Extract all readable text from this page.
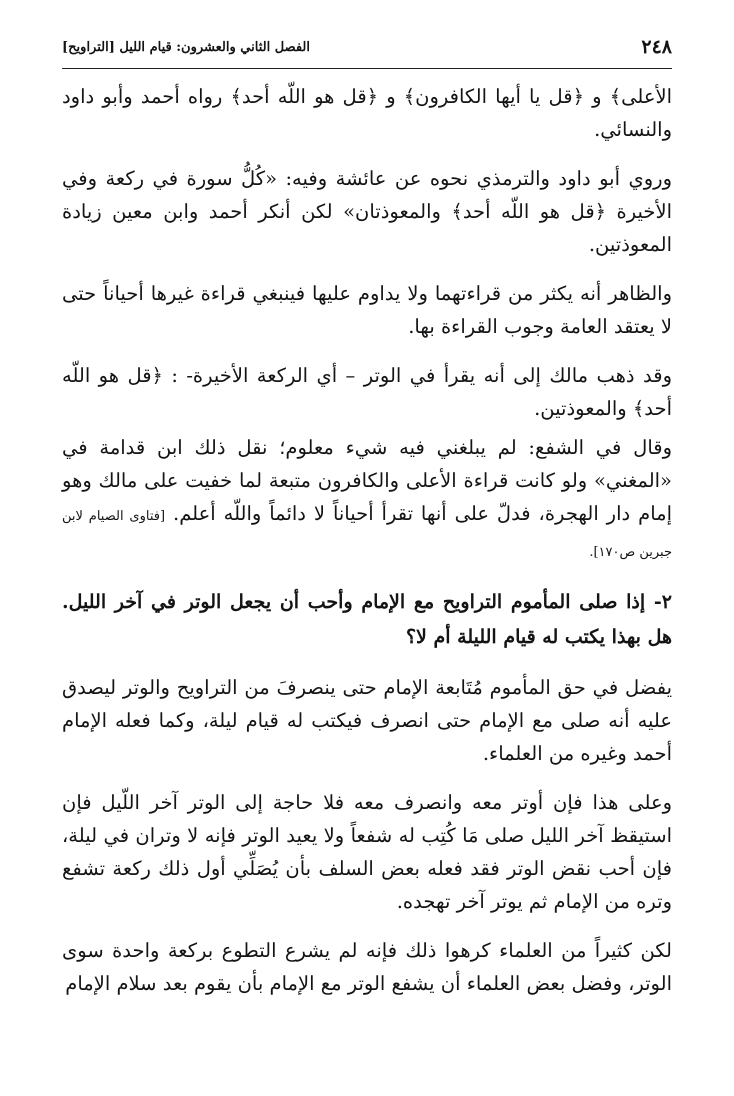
٢٤٨
الفصل الثاني والعشرون: قيام الليل [التراويح]

الأعلى﴾ و ﴿قل يا أيها الكافرون﴾ و ﴿قل هو اللّه أحد﴾ رواه أحمد وأبو داود والنسائي.

وروي أبو داود والترمذي نحوه عن عائشة وفيه: «كُلُّ سورة في ركعة وفي الأخيرة ﴿قل هو اللّه أحد﴾ والمعوذتان» لكن أنكر أحمد وابن معين زيادة المعوذتين.

والظاهر أنه يكثر من قراءتهما ولا يداوم عليها فينبغي قراءة غيرها أحياناً حتى لا يعتقد العامة وجوب القراءة بها.

وقد ذهب مالك إلى أنه يقرأ في الوتر – أي الركعة الأخيرة- : ﴿قل هو اللّه أحد﴾ والمعوذتين.

وقال في الشفع: لم يبلغني فيه شيء معلوم؛ نقل ذلك ابن قدامة في «المغني» ولو كانت قراءة الأعلى والكافرون متبعة لما خفيت على مالك وهو إمام دار الهجرة، فدلّ على أنها تقرأ أحياناً لا دائماً واللّه أعلم. [فتاوى الصيام لابن جبرين ص١٧٠].

٢- إذا صلى المأموم التراويح مع الإمام وأحب أن يجعل الوتر في آخر الليل. هل بهذا يكتب له قيام الليلة أم لا؟

يفضل في حق المأموم مُتَابعة الإمام حتى ينصرفَ من التراويح والوتر ليصدق عليه أنه صلى مع الإمام حتى انصرف فيكتب له قيام ليلة، وكما فعله الإمام أحمد وغيره من العلماء.

وعلى هذا فإن أوتر معه وانصرف معه فلا حاجة إلى الوتر آخر اللّيل فإن استيقظ آخر الليل صلى مَا كُتِب له شفعاً ولا يعيد الوتر فإنه لا وتران في ليلة، فإن أحب نقض الوتر فقد فعله بعض السلف بأن يُصَلِّي أول ذلك ركعة تشفع وتره من الإمام ثم يوتر آخر تهجده.

لكن كثيراً من العلماء كرهوا ذلك فإنه لم يشرع التطوع بركعة واحدة سوى الوتر، وفضل بعض العلماء أن يشفع الوتر مع الإمام بأن يقوم بعد سلام الإمام
